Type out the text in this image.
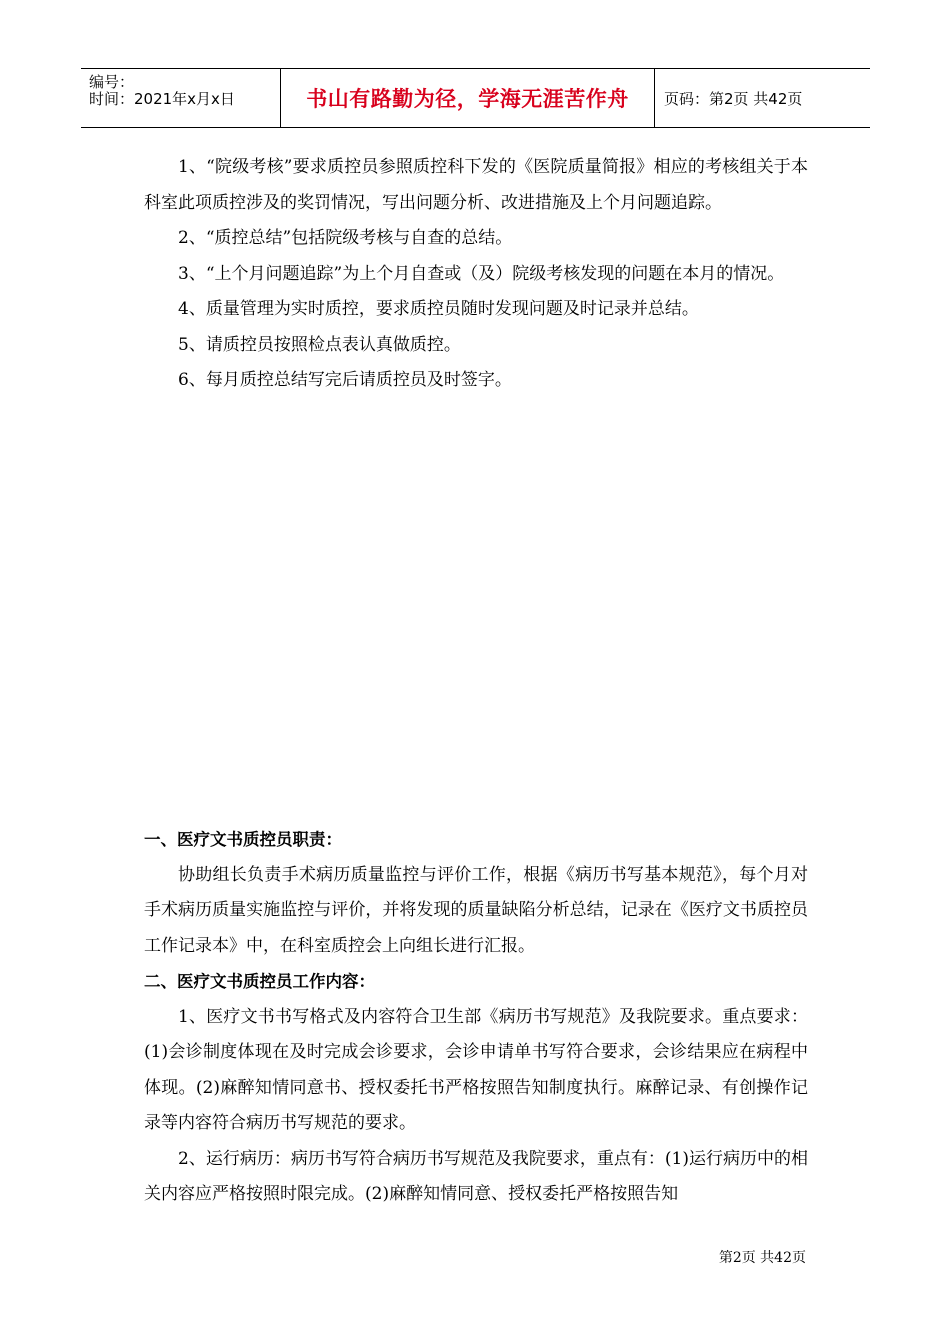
编号：
时间：2021年x月x日	书山有路勤为径，学海无涯苦作舟	页码：第2页 共42页

1、“院级考核”要求质控员参照质控科下发的《医院质量简报》相应的考核组关于本科室此项质控涉及的奖罚情况，写出问题分析、改进措施及上个月问题追踪。

2、“质控总结”包括院级考核与自查的总结。

3、“上个月问题追踪”为上个月自查或（及）院级考核发现的问题在本月的情况。

4、质量管理为实时质控，要求质控员随时发现问题及时记录并总结。

5、请质控员按照检点表认真做质控。

6、每月质控总结写完后请质控员及时签字。

一、医疗文书质控员职责：

协助组长负责手术病历质量监控与评价工作，根据《病历书写基本规范》，每个月对手术病历质量实施监控与评价，并将发现的质量缺陷分析总结，记录在《医疗文书质控员工作记录本》中，在科室质控会上向组长进行汇报。

二、医疗文书质控员工作内容：

1、医疗文书书写格式及内容符合卫生部《病历书写规范》及我院要求。重点要求：(1)会诊制度体现在及时完成会诊要求，会诊申请单书写符合要求，会诊结果应在病程中体现。(2)麻醉知情同意书、授权委托书严格按照告知制度执行。麻醉记录、有创操作记录等内容符合病历书写规范的要求。

2、运行病历：病历书写符合病历书写规范及我院要求，重点有：(1)运行病历中的相关内容应严格按照时限完成。(2)麻醉知情同意、授权委托严格按照告知

第2页 共42页
